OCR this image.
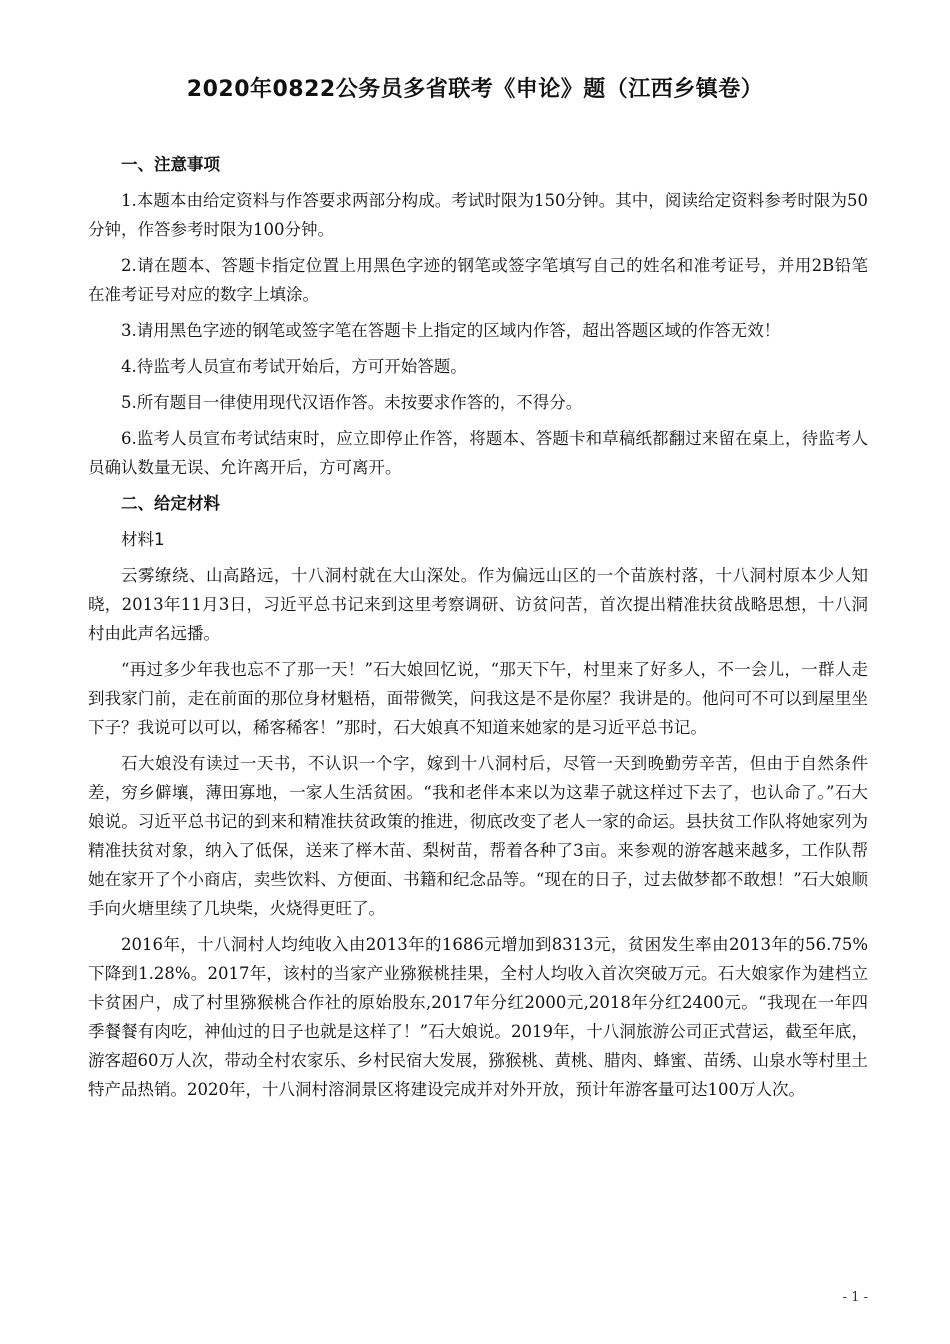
2020年0822公务员多省联考《申论》题（江西乡镇卷）

一、注意事项

1.本题本由给定资料与作答要求两部分构成。考试时限为150分钟。其中，阅读给定资料参考时限为50分钟，作答参考时限为100分钟。

2.请在题本、答题卡指定位置上用黑色字迹的钢笔或签字笔填写自己的姓名和准考证号，并用2B铅笔在准考证号对应的数字上填涂。

3.请用黑色字迹的钢笔或签字笔在答题卡上指定的区域内作答，超出答题区域的作答无效！

4.待监考人员宣布考试开始后，方可开始答题。

5.所有题目一律使用现代汉语作答。未按要求作答的，不得分。

6.监考人员宣布考试结束时，应立即停止作答，将题本、答题卡和草稿纸都翻过来留在桌上，待监考人员确认数量无误、允许离开后，方可离开。

二、给定材料

材料1

云雾缭绕、山高路远，十八洞村就在大山深处。作为偏远山区的一个苗族村落，十八洞村原本少人知晓，2013年11月3日，习近平总书记来到这里考察调研、访贫问苦，首次提出精准扶贫战略思想，十八洞村由此声名远播。

“再过多少年我也忘不了那一天！”石大娘回忆说，“那天下午，村里来了好多人，不一会儿，一群人走到我家门前，走在前面的那位身材魁梧，面带微笑，问我这是不是你屋？我讲是的。他问可不可以到屋里坐下子？我说可以可以，稀客稀客！”那时，石大娘真不知道来她家的是习近平总书记。

石大娘没有读过一天书，不认识一个字，嫁到十八洞村后，尽管一天到晚勤劳辛苦，但由于自然条件差，穷乡僻壤，薄田寡地，一家人生活贫困。“我和老伴本来以为这辈子就这样过下去了，也认命了。”石大娘说。习近平总书记的到来和精准扶贫政策的推进，彻底改变了老人一家的命运。县扶贫工作队将她家列为精准扶贫对象，纳入了低保，送来了榉木苗、梨树苗，帮着各种了3亩。来参观的游客越来越多，工作队帮她在家开了个小商店，卖些饮料、方便面、书籍和纪念品等。“现在的日子，过去做梦都不敢想！”石大娘顺手向火塘里续了几块柴，火烧得更旺了。

2016年，十八洞村人均纯收入由2013年的1686元增加到8313元，贫困发生率由2013年的56.75%下降到1.28%。2017年，该村的当家产业猕猴桃挂果，全村人均收入首次突破万元。石大娘家作为建档立卡贫困户，成了村里猕猴桃合作社的原始股东,2017年分红2000元,2018年分红2400元。“我现在一年四季餐餐有肉吃，神仙过的日子也就是这样了！”石大娘说。2019年，十八洞旅游公司正式营运，截至年底，游客超60万人次，带动全村农家乐、乡村民宿大发展，猕猴桃、黄桃、腊肉、蜂蜜、苗绣、山泉水等村里土特产品热销。2020年，十八洞村溶洞景区将建设完成并对外开放，预计年游客量可达100万人次。

- 1 -
